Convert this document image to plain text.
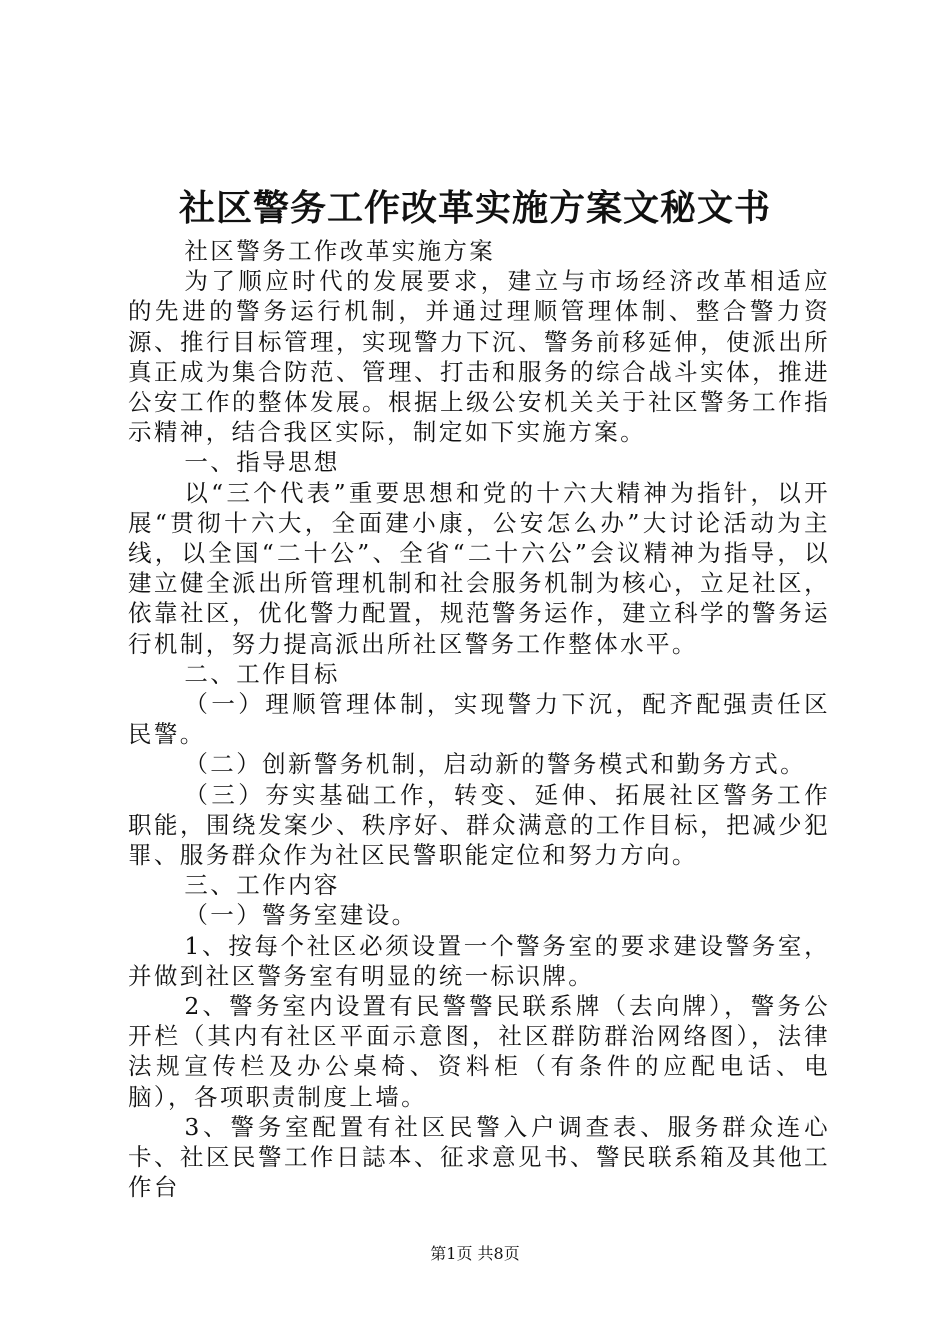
社区警务工作改革实施方案文秘文书

社区警务工作改革实施方案

为了顺应时代的发展要求，建立与市场经济改革相适应的先进的警务运行机制，并通过理顺管理体制、整合警力资源、推行目标管理，实现警力下沉、警务前移延伸，使派出所真正成为集合防范、管理、打击和服务的综合战斗实体，推进公安工作的整体发展。根据上级公安机关关于社区警务工作指示精神，结合我区实际，制定如下实施方案。

一、指导思想

以“三个代表”重要思想和党的十六大精神为指针，以开展“贯彻十六大，全面建小康，公安怎么办”大讨论活动为主线，以全国“二十公”、全省“二十六公”会议精神为指导，以建立健全派出所管理机制和社会服务机制为核心，立足社区，依靠社区，优化警力配置，规范警务运作，建立科学的警务运行机制，努力提高派出所社区警务工作整体水平。

二、工作目标

（一）理顺管理体制，实现警力下沉，配齐配强责任区民警。

（二）创新警务机制，启动新的警务模式和勤务方式。

（三）夯实基础工作，转变、延伸、拓展社区警务工作职能，围绕发案少、秩序好、群众满意的工作目标，把减少犯罪、服务群众作为社区民警职能定位和努力方向。

三、工作内容

（一）警务室建设。

1、按每个社区必须设置一个警务室的要求建设警务室，并做到社区警务室有明显的统一标识牌。

2、警务室内设置有民警警民联系牌（去向牌），警务公开栏（其内有社区平面示意图，社区群防群治网络图），法律法规宣传栏及办公桌椅、资料柜（有条件的应配电话、电脑），各项职责制度上墙。

3、警务室配置有社区民警入户调查表、服务群众连心卡、社区民警工作日誌本、征求意见书、警民联系箱及其他工作台

第1页 共8页
